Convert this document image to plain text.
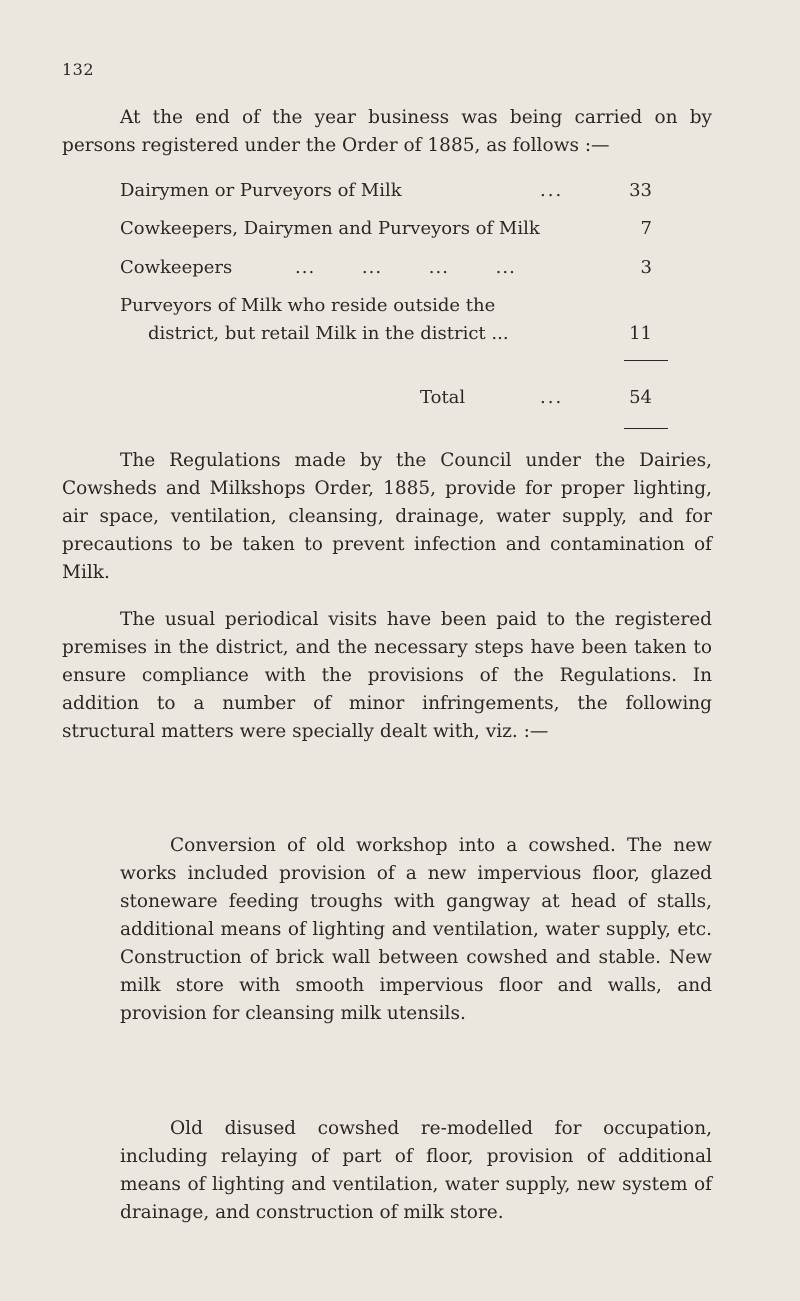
132
At the end of the year business was being carried on by persons registered under the Order of 1885, as follows :—
Dairymen or Purveyors of Milk	...	33
Cowkeepers, Dairymen and Purveyors of Milk	7
Cowkeepers	... ... ... ...	3
Purveyors of Milk who reside outside the
district, but retail Milk in the district ...	11
Total	...	54
The Regulations made by the Council under the Dairies, Cowsheds and Milkshops Order, 1885, provide for proper lighting, air space, ventilation, cleansing, drainage, water supply, and for precautions to be taken to prevent infection and contamination of Milk.
The usual periodical visits have been paid to the registered premises in the district, and the necessary steps have been taken to ensure compliance with the provisions of the Regulations. In addition to a number of minor infringements, the following structural matters were specially dealt with, viz. :—
Conversion of old workshop into a cowshed. The new works included provision of a new impervious floor, glazed stoneware feeding troughs with gangway at head of stalls, additional means of lighting and ventilation, water supply, etc. Construction of brick wall between cowshed and stable. New milk store with smooth impervious floor and walls, and provision for cleansing milk utensils.
Old disused cowshed re-modelled for occupation, including relaying of part of floor, provision of additional means of lighting and ventilation, water supply, new system of drainage, and construction of milk store.
